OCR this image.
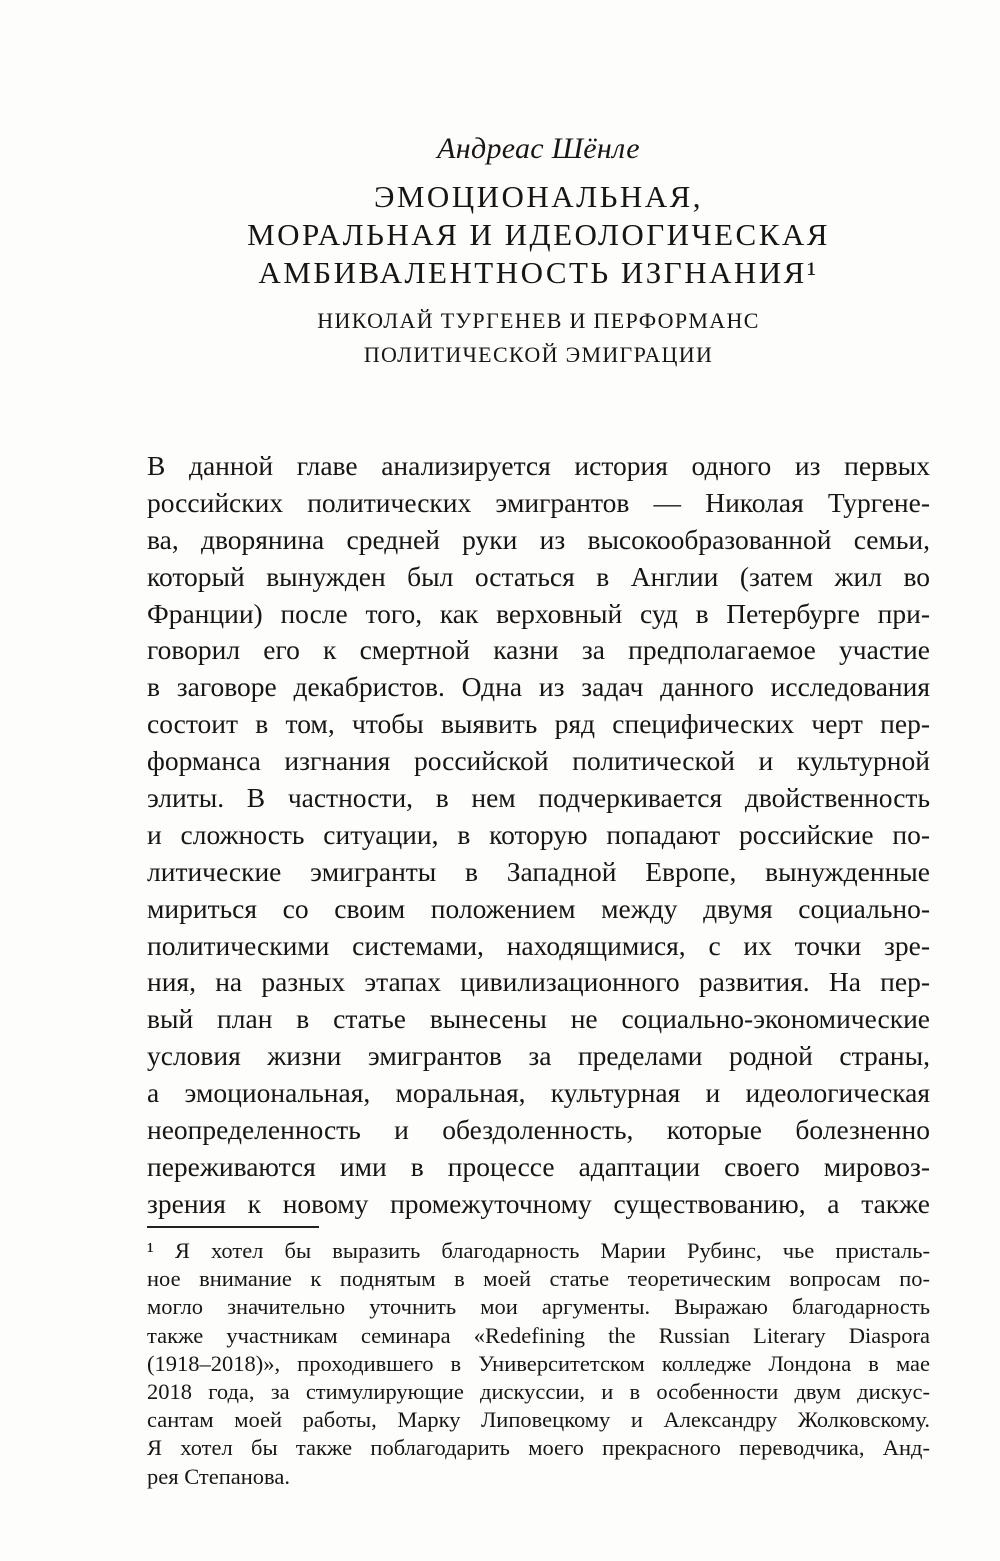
Андреас Шёнле
ЭМОЦИОНАЛЬНАЯ,
МОРАЛЬНАЯ И ИДЕОЛОГИЧЕСКАЯ
АМБИВАЛЕНТНОСТЬ ИЗГНАНИЯ¹
НИКОЛАЙ ТУРГЕНЕВ И ПЕРФОРМАНС
ПОЛИТИЧЕСКОЙ ЭМИГРАЦИИ
В данной главе анализируется история одного из первых
российских политических эмигрантов — Николая Тургене-
ва, дворянина средней руки из высокообразованной семьи,
который вынужден был остаться в Англии (затем жил во
Франции) после того, как верховный суд в Петербурге при-
говорил его к смертной казни за предполагаемое участие
в заговоре декабристов. Одна из задач данного исследования
состоит в том, чтобы выявить ряд специфических черт пер-
форманса изгнания российской политической и культурной
элиты. В частности, в нем подчеркивается двойственность
и сложность ситуации, в которую попадают российские по-
литические эмигранты в Западной Европе, вынужденные
мириться со своим положением между двумя социально-
политическими системами, находящимися, с их точки зре-
ния, на разных этапах цивилизационного развития. На пер-
вый план в статье вынесены не социально-экономические
условия жизни эмигрантов за пределами родной страны,
а эмоциональная, моральная, культурная и идеологическая
неопределенность и обездоленность, которые болезненно
переживаются ими в процессе адаптации своего мировоз-
зрения к новому промежуточному существованию, а также
¹ Я хотел бы выразить благодарность Марии Рубинс, чье присталь-
ное внимание к поднятым в моей статье теоретическим вопросам по-
могло значительно уточнить мои аргументы. Выражаю благодарность
также участникам семинара «Redefining the Russian Literary Diaspora
(1918–2018)», проходившего в Университетском колледже Лондона в мае
2018 года, за стимулирующие дискуссии, и в особенности двум дискус-
сантам моей работы, Марку Липовецкому и Александру Жолковскому.
Я хотел бы также поблагодарить моего прекрасного переводчика, Анд-
рея Степанова.
